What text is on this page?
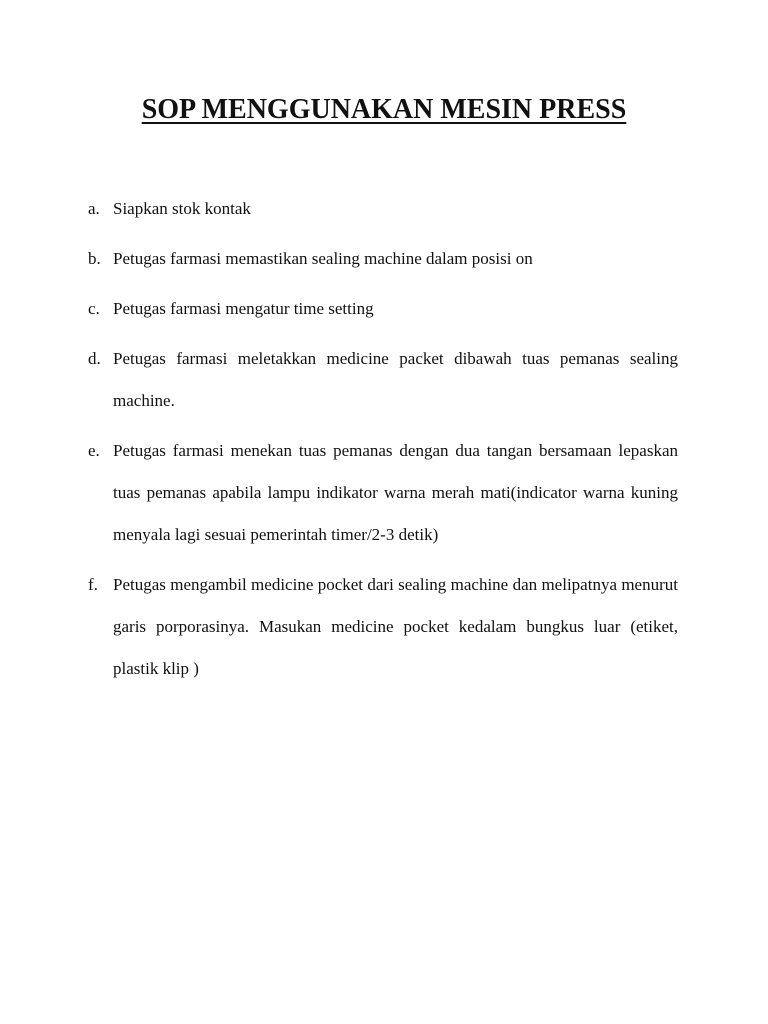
SOP MENGGUNAKAN MESIN PRESS
a. Siapkan stok kontak
b. Petugas farmasi memastikan sealing machine dalam posisi on
c. Petugas farmasi mengatur time setting
d. Petugas farmasi meletakkan medicine packet dibawah tuas pemanas sealing machine.
e. Petugas farmasi menekan tuas pemanas dengan dua tangan bersamaan lepaskan tuas pemanas apabila lampu indikator warna merah mati(indicator warna kuning menyala lagi sesuai pemerintah timer/2-3 detik)
f. Petugas mengambil medicine pocket dari sealing machine dan melipatnya menurut garis porporasinya. Masukan medicine pocket kedalam bungkus luar (etiket, plastik klip )
